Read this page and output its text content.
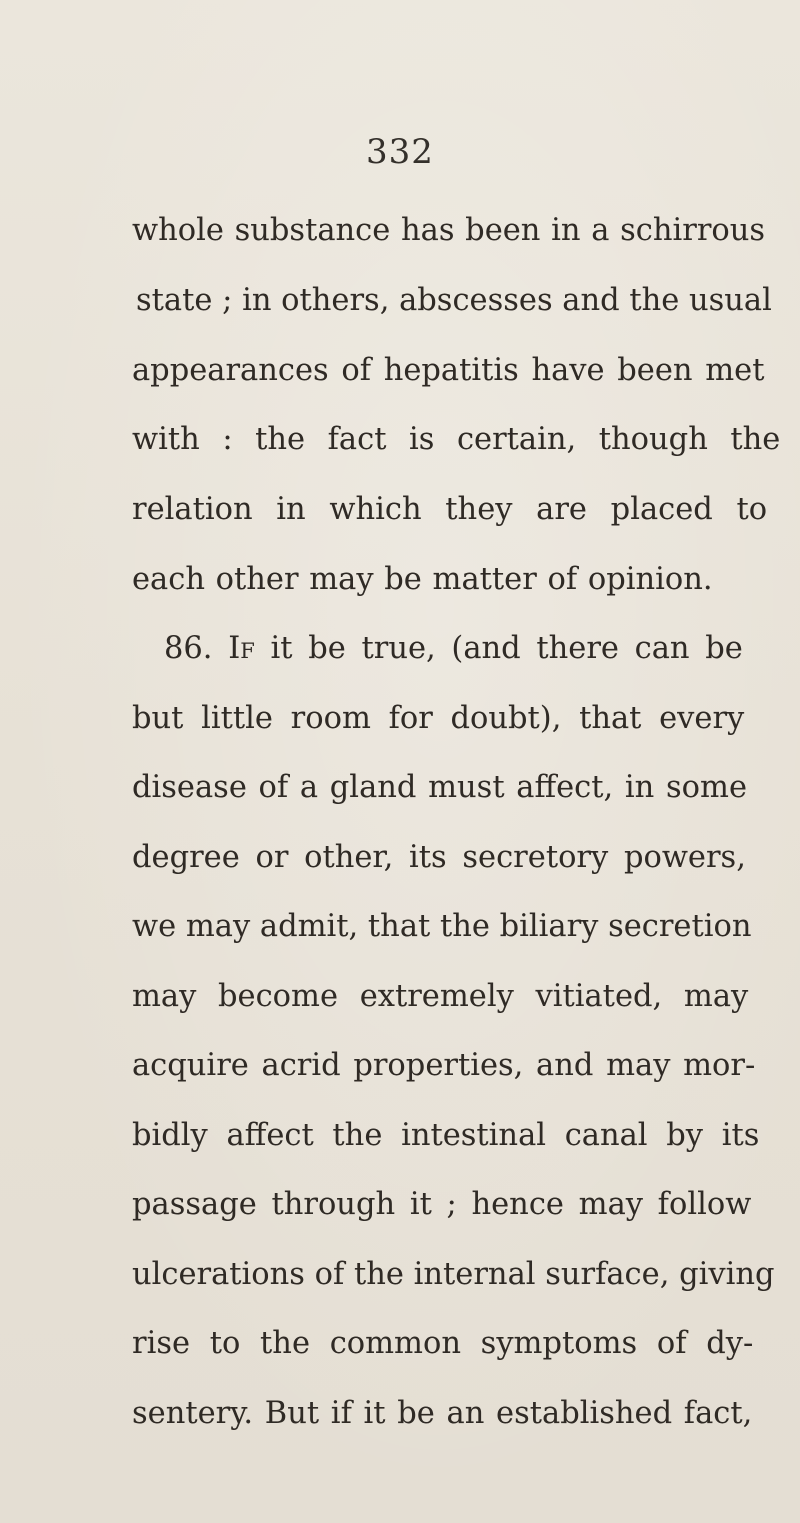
332
whole substance has been in a schirrous
state ; in others, abscesses and the usual
appearances of hepatitis have been met
with : the fact is certain, though the
relation in which they are placed to
each other may be matter of opinion.
86. If it be true, (and there can be
but little room for doubt), that every
disease of a gland must affect, in some
degree or other, its secretory powers,
we may admit, that the biliary secretion
may become extremely vitiated, may
acquire acrid properties, and may mor-
bidly affect the intestinal canal by its
passage through it ; hence may follow
ulcerations of the internal surface, giving
rise to the common symptoms of dy-
sentery. But if it be an established fact,
